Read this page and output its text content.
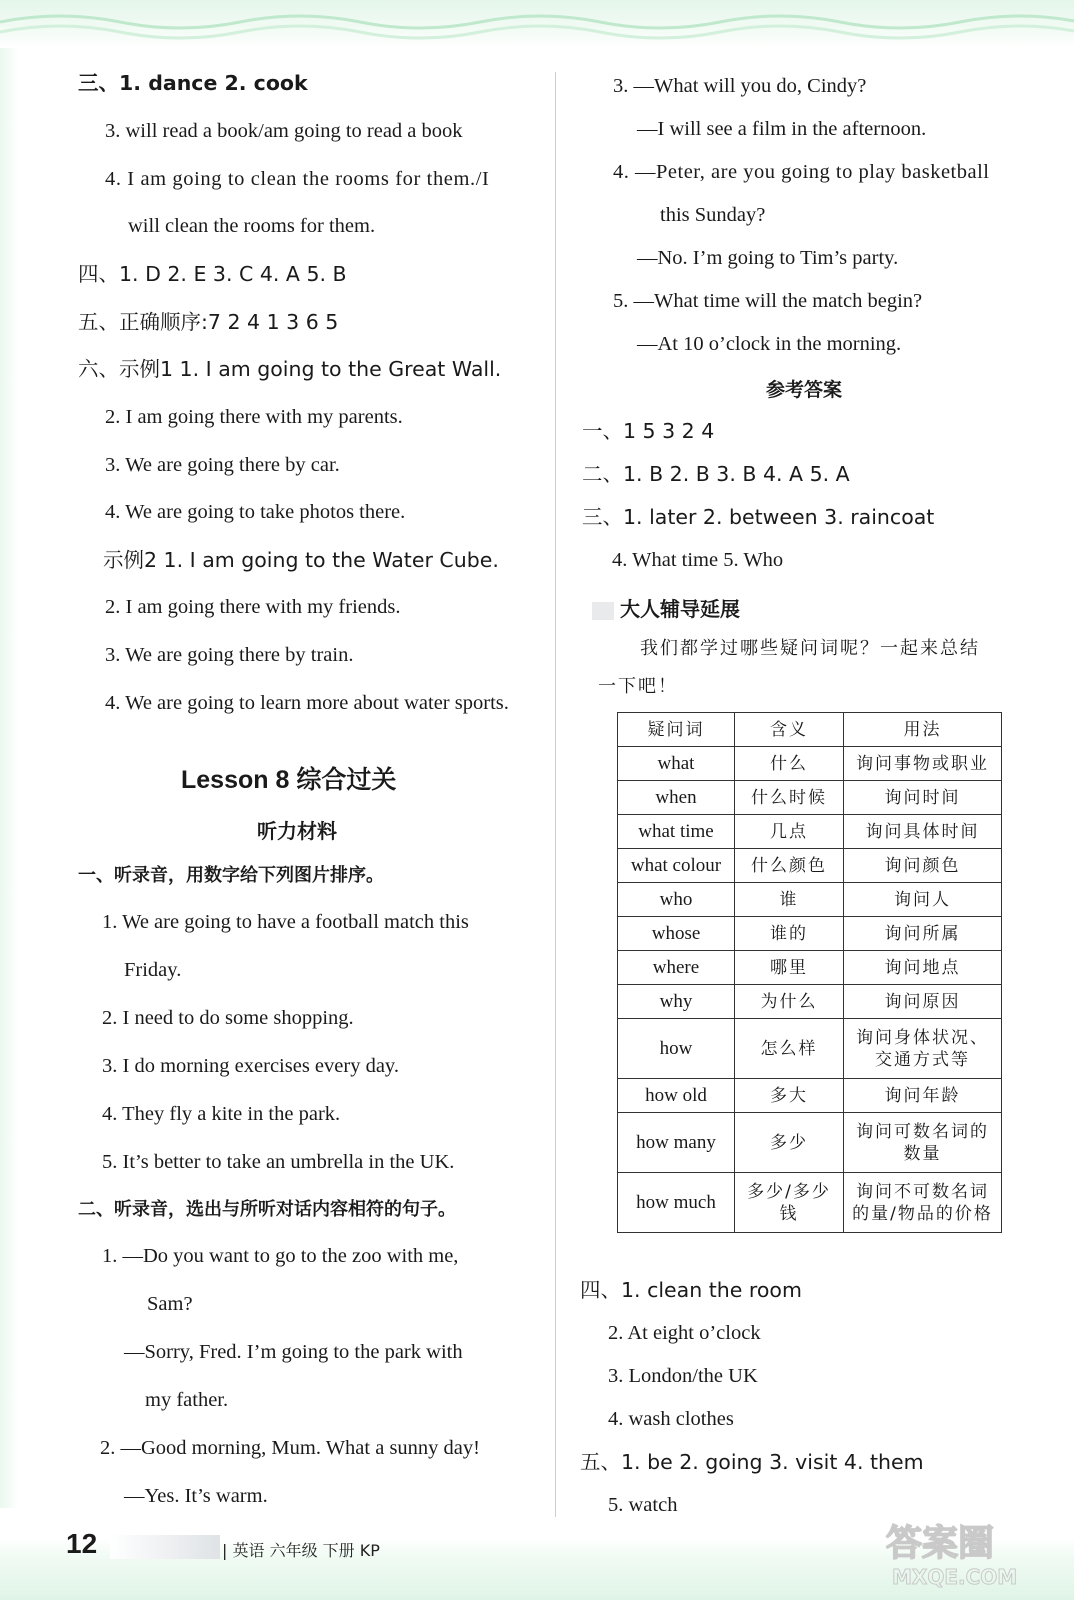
三、1. dance 2. cook
3. will read a book/am going to read a book
4. I am going to clean the rooms for them./I
will clean the rooms for them.
四、1. D 2. E 3. C 4. A 5. B
五、正确顺序:7 2 4 1 3 6 5
六、示例1 1. I am going to the Great Wall.
2. I am going there with my parents.
3. We are going there by car.
4. We are going to take photos there.
示例2 1. I am going to the Water Cube.
2. I am going there with my friends.
3. We are going there by train.
4. We are going to learn more about water sports.
Lesson 8 综合过关
听力材料
一、听录音，用数字给下列图片排序。
1. We are going to have a football match this
Friday.
2. I need to do some shopping.
3. I do morning exercises every day.
4. They fly a kite in the park.
5. It’s better to take an umbrella in the UK.
二、听录音，选出与所听对话内容相符的句子。
1. —Do you want to go to the zoo with me,
Sam?
—Sorry, Fred. I’m going to the park with
my father.
2. —Good morning, Mum. What a sunny day!
—Yes. It’s warm.
3. —What will you do, Cindy?
—I will see a film in the afternoon.
4. —Peter, are you going to play basketball
this Sunday?
—No. I’m going to Tim’s party.
5. —What time will the match begin?
—At 10 o’clock in the morning.
参考答案
一、1 5 3 2 4
二、1. B 2. B 3. B 4. A 5. A
三、1. later 2. between 3. raincoat
4. What time 5. Who
大人辅导延展
我们都学过哪些疑问词呢？一起来总结
一下吧！
疑问词	含义	用法
what	什么	询问事物或职业
when	什么时候	询问时间
what time	几点	询问具体时间
what colour	什么颜色	询问颜色
who	谁	询问人
whose	谁的	询问所属
where	哪里	询问地点
why	为什么	询问原因
how	怎么样	询问身体状况、交通方式等
how old	多大	询问年龄
how many	多少	询问可数名词的数量
how much	多少/多少钱	询问不可数名词的量/物品的价格
四、1. clean the room
2. At eight o’clock
3. London/the UK
4. wash clothes
五、1. be 2. going 3. visit 4. them
5. watch
12	| 英语 六年级 下册 KP	答案圈
MXQE.COM
